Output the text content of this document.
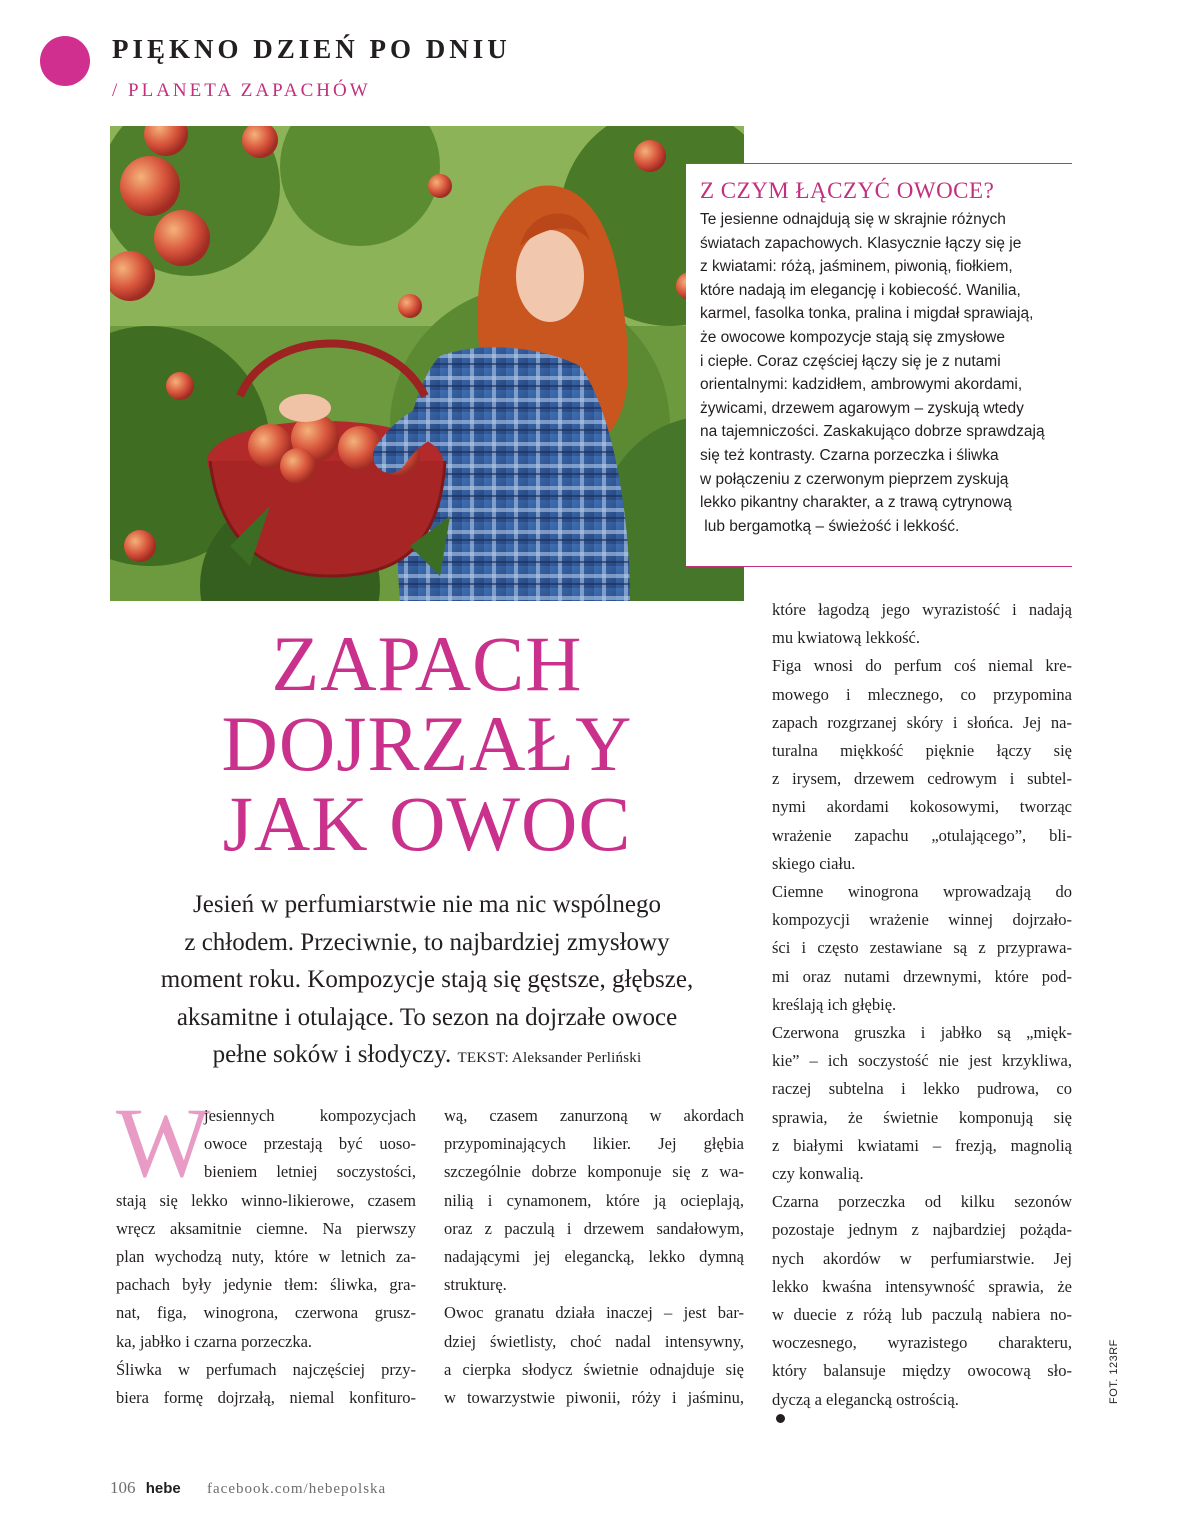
PIĘKNO DZIEŃ PO DNIU
/ PLANETA ZAPACHÓW
Z CZYM ŁĄCZYĆ OWOCE?
Te jesienne odnajdują się w skrajnie różnych
światach zapachowych. Klasycznie łączy się je
z kwiatami: różą, jaśminem, piwonią, fiołkiem,
które nadają im elegancję i kobiecość. Wanilia,
karmel, fasolka tonka, pralina i migdał sprawiają,
że owocowe kompozycje stają się zmysłowe
i ciepłe. Coraz częściej łączy się je z nutami
orientalnymi: kadzidłem, ambrowymi akordami,
żywicami, drzewem agarowym – zyskują wtedy
na tajemniczości. Zaskakująco dobrze sprawdzają
się też kontrasty. Czarna porzeczka i śliwka
w połączeniu z czerwonym pieprzem zyskują
lekko pikantny charakter, a z trawą cytrynową
lub bergamotką – świeżość i lekkość.
ZAPACH
DOJRZAŁY
JAK OWOC
Jesień w perfumiarstwie nie ma nic wspólnego
z chłodem. Przeciwnie, to najbardziej zmysłowy
moment roku. Kompozycje stają się gęstsze, głębsze,
aksamitne i otulające. To sezon na dojrzałe owoce
pełne soków i słodyczy. TEKST: Aleksander Perliński
W
jesiennych kompozycjach
owoce przestają być uoso-
bieniem letniej soczystości,
stają się lekko winno-likierowe, czasem
wręcz aksamitnie ciemne. Na pierwszy
plan wychodzą nuty, które w letnich za-
pachach były jedynie tłem: śliwka, gra-
nat, figa, winogrona, czerwona grusz-
ka, jabłko i czarna porzeczka.
Śliwka w perfumach najczęściej przy-
biera formę dojrzałą, niemal konfituro-
wą, czasem zanurzoną w akordach
przypominających likier. Jej głębia
szczególnie dobrze komponuje się z wa-
nilią i cynamonem, które ją ocieplają,
oraz z paczulą i drzewem sandałowym,
nadającymi jej elegancką, lekko dymną
strukturę.
Owoc granatu działa inaczej – jest bar-
dziej świetlisty, choć nadal intensywny,
a cierpka słodycz świetnie odnajduje się
w towarzystwie piwonii, róży i jaśminu,
które łagodzą jego wyrazistość i nadają
mu kwiatową lekkość.
Figa wnosi do perfum coś niemal kre-
mowego i mlecznego, co przypomina
zapach rozgrzanej skóry i słońca. Jej na-
turalna miękkość pięknie łączy się
z irysem, drzewem cedrowym i subtel-
nymi akordami kokosowymi, tworząc
wrażenie zapachu „otulającego”, bli-
skiego ciału.
Ciemne winogrona wprowadzają do
kompozycji wrażenie winnej dojrzało-
ści i często zestawiane są z przyprawa-
mi oraz nutami drzewnymi, które pod-
kreślają ich głębię.
Czerwona gruszka i jabłko są „mięk-
kie” – ich soczystość nie jest krzykliwa,
raczej subtelna i lekko pudrowa, co
sprawia, że świetnie komponują się
z białymi kwiatami – frezją, magnolią
czy konwalią.
Czarna porzeczka od kilku sezonów
pozostaje jednym z najbardziej pożąda-
nych akordów w perfumiarstwie. Jej
lekko kwaśna intensywność sprawia, że
w duecie z różą lub paczulą nabiera no-
woczesnego, wyrazistego charakteru,
który balansuje między owocową sło-
dyczą a elegancką ostrością.	FOT. 123RF
106 hebe facebook.com/hebepolska
